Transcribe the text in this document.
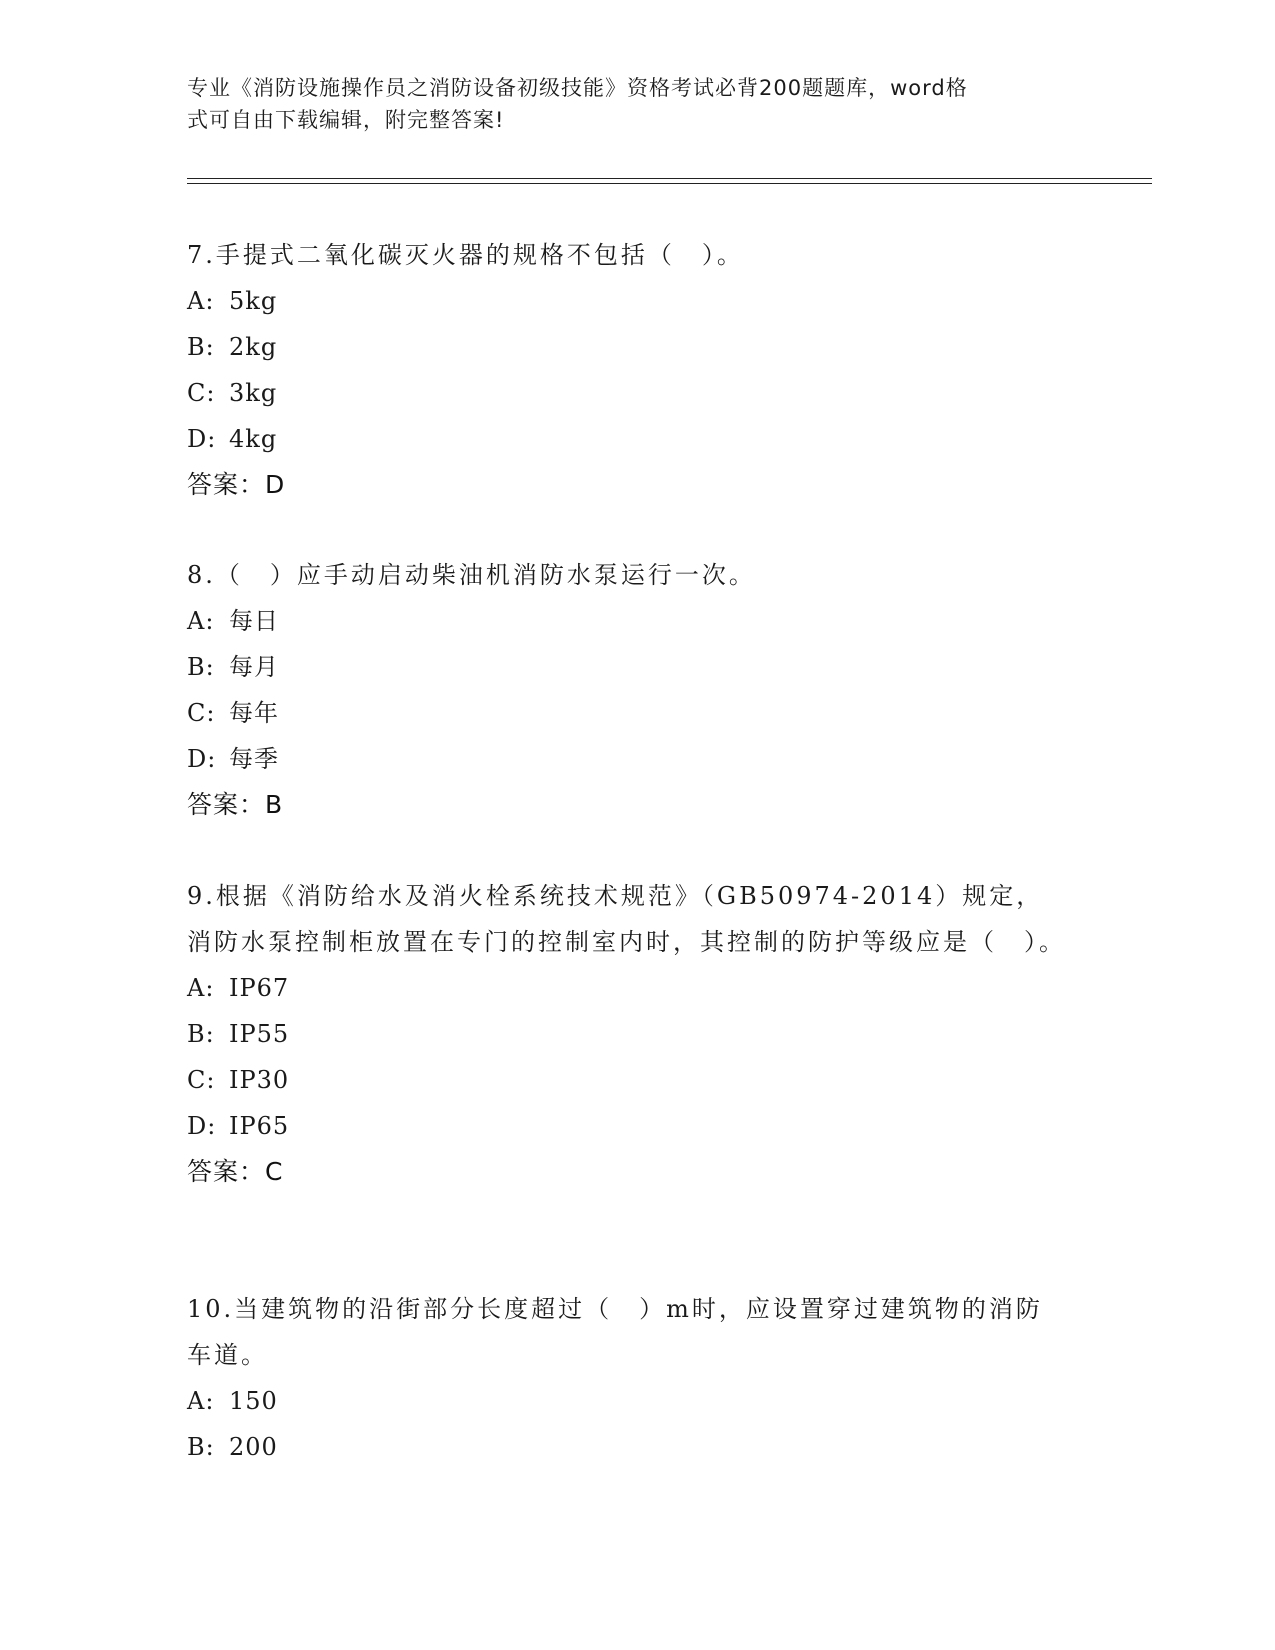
专业《消防设施操作员之消防设备初级技能》资格考试必背200题题库，word格
式可自由下载编辑，附完整答案!

7.手提式二氧化碳灭火器的规格不包括（　）。

A: 5kg
B: 2kg
C: 3kg
D: 4kg
答案：D

8.（　）应手动启动柴油机消防水泵运行一次。

A: 每日
B: 每月
C: 每年
D: 每季
答案：B

9.根据《消防给水及消火栓系统技术规范》（GB50974-2014）规定，消防水泵控制柜放置在专门的控制室内时，其控制的防护等级应是（　）。

A: IP67
B: IP55
C: IP30
D: IP65
答案：C

10.当建筑物的沿街部分长度超过（　）m时，应设置穿过建筑物的消防车道。

A: 150
B: 200
